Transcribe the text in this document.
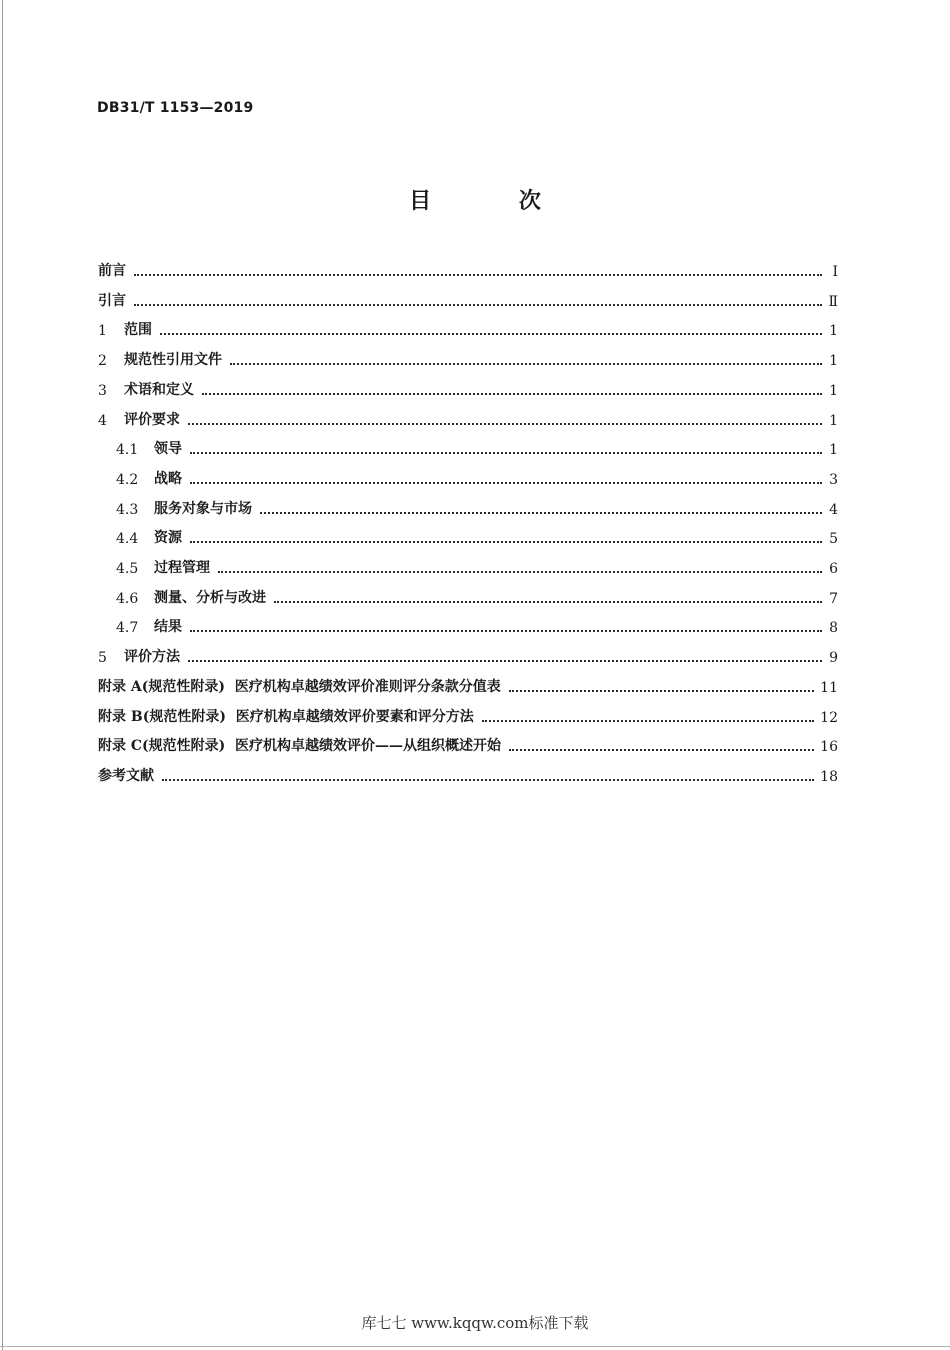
DB31/T 1153—2019
目 次
前言	Ⅰ
引言	Ⅱ
1	范围	1
2	规范性引用文件	1
3	术语和定义	1
4	评价要求	1
4.1	领导	1
4.2	战略	3
4.3	服务对象与市场	4
4.4	资源	5
4.5	过程管理	6
4.6	测量、分析与改进	7
4.7	结果	8
5	评价方法	9
附录 A(规范性附录)  医疗机构卓越绩效评价准则评分条款分值表	11
附录 B(规范性附录)  医疗机构卓越绩效评价要素和评分方法	12
附录 C(规范性附录)  医疗机构卓越绩效评价——从组织概述开始	16
参考文献	18
库七七 www.kqqw.com标准下载
